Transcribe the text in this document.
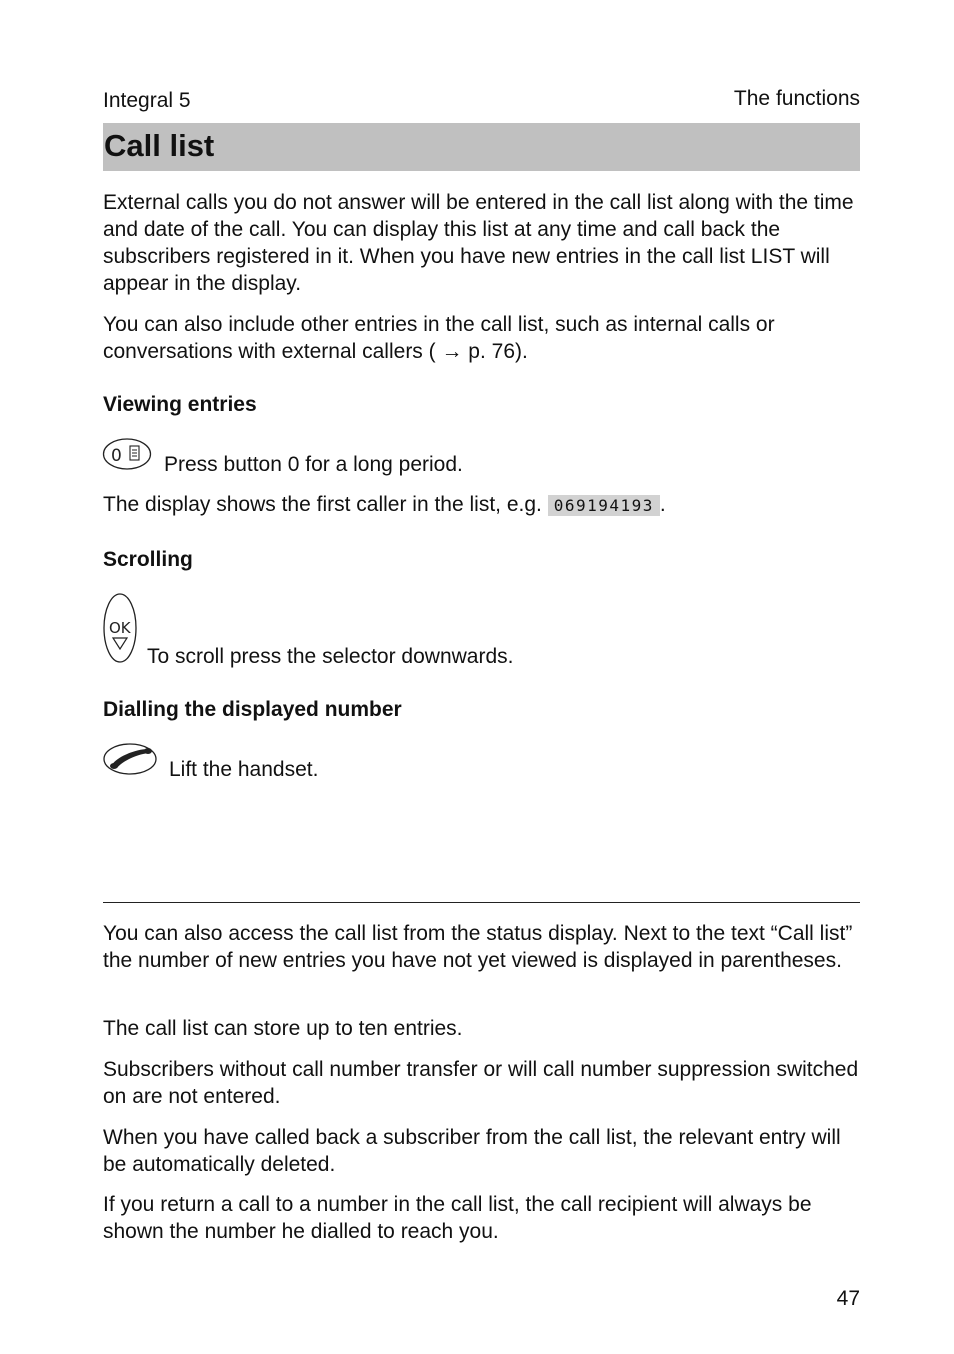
Integral 5	The functions
Call list

External calls you do not answer will be entered in the call list along with the time and date of the call. You can display this list at any time and call back the subscribers registered in it. When you have new entries in the call list LIST will appear in the display.

You can also include other entries in the call list, such as internal calls or conversations with external callers ( → p. 76).

Viewing entries
0 Press button 0 for a long period.
The display shows the first caller in the list, e.g. 069194193 .
Scrolling
OK
To scroll press the selector downwards.
Dialling the displayed number
Lift the handset.

You can also access the call list from the status display. Next to the text “Call list” the number of new entries you have not yet viewed is displayed in parentheses.

The call list can store up to ten entries.

Subscribers without call number transfer or will call number suppression switched on are not entered.

When you have called back a subscriber from the call list, the relevant entry will be automatically deleted.

If you return a call to a number in the call list, the call recipient will always be shown the number he dialled to reach you.

47
